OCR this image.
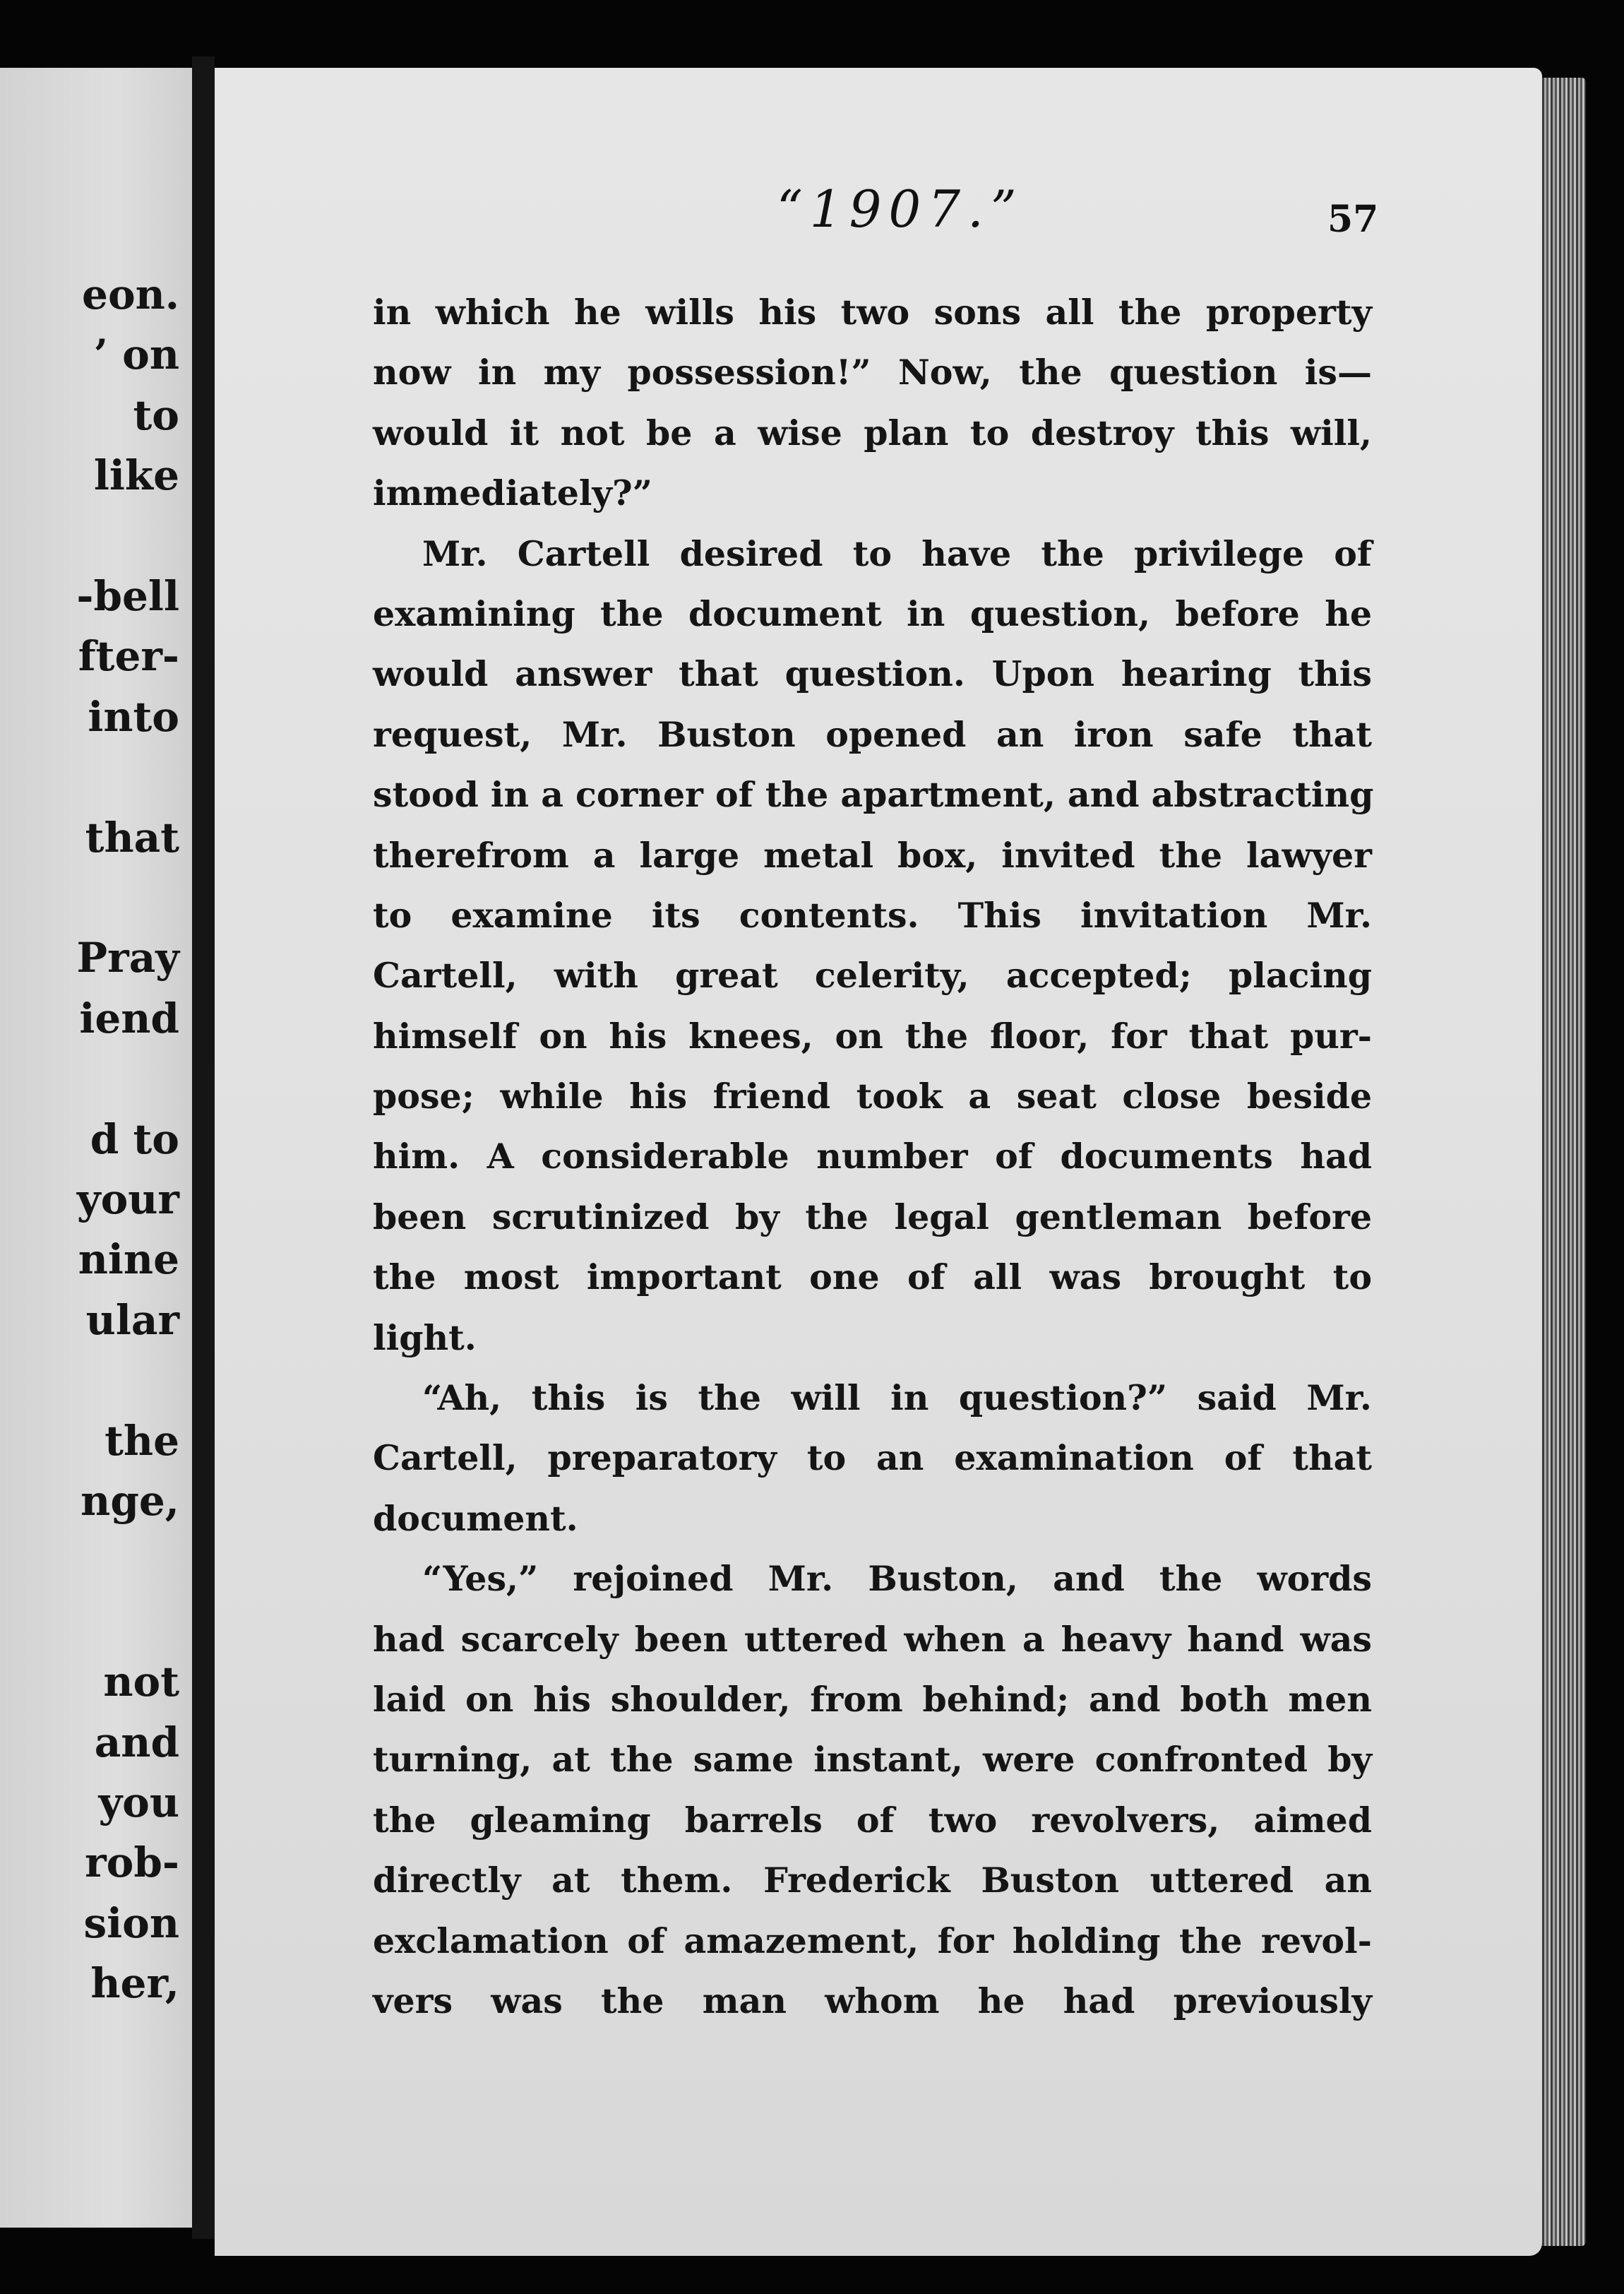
eon.
’ on
to
like
-bell
fter-
into
that
Pray
iend
d to
your
nine
ular
the
nge,
not
and
you
rob-
sion
her,
“1907.”	57
in which he wills his two sons all the property
now in my possession!” Now, the question is—
would it not be a wise plan to destroy this will,
immediately?”
Mr. Cartell desired to have the privilege of
examining the document in question, before he
would answer that question. Upon hearing this
request, Mr. Buston opened an iron safe that
stood in a corner of the apartment, and abstracting
therefrom a large metal box, invited the lawyer
to examine its contents. This invitation Mr.
Cartell, with great celerity, accepted; placing
himself on his knees, on the floor, for that pur-
pose; while his friend took a seat close beside
him. A considerable number of documents had
been scrutinized by the legal gentleman before
the most important one of all was brought to
light.
“Ah, this is the will in question?” said Mr.
Cartell, preparatory to an examination of that
document.
“Yes,” rejoined Mr. Buston, and the words
had scarcely been uttered when a heavy hand was
laid on his shoulder, from behind; and both men
turning, at the same instant, were confronted by
the gleaming barrels of two revolvers, aimed
directly at them. Frederick Buston uttered an
exclamation of amazement, for holding the revol-
vers was the man whom he had previously
